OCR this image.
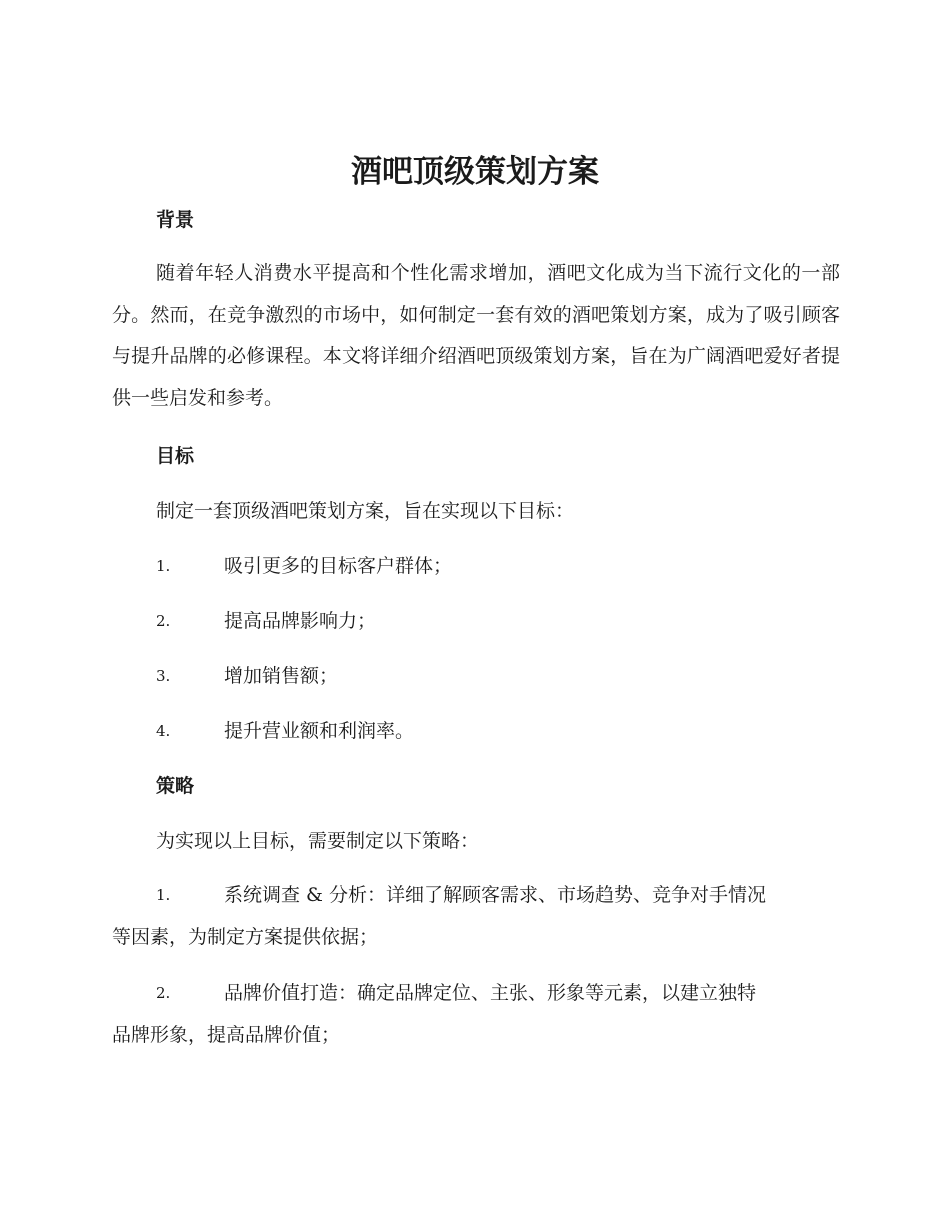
酒吧顶级策划方案
背景
随着年轻人消费水平提高和个性化需求增加，酒吧文化成为当下流行文化的一部分。然而，在竞争激烈的市场中，如何制定一套有效的酒吧策划方案，成为了吸引顾客与提升品牌的必修课程。本文将详细介绍酒吧顶级策划方案，旨在为广阔酒吧爱好者提供一些启发和参考。
目标
制定一套顶级酒吧策划方案，旨在实现以下目标：
1.	吸引更多的目标客户群体；
2.	提高品牌影响力；
3.	增加销售额；
4.	提升营业额和利润率。
策略
为实现以上目标，需要制定以下策略：
1.	系统调查 & 分析：详细了解顾客需求、市场趋势、竞争对手情况
等因素，为制定方案提供依据；
2.	品牌价值打造：确定品牌定位、主张、形象等元素，以建立独特
品牌形象，提高品牌价值；
